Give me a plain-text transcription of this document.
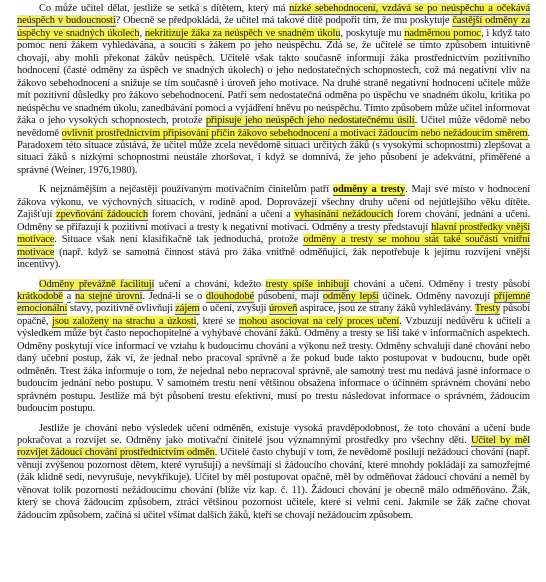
Co může učitel dělat, jestliže se setká s dítětem, který má nízké sebehodnocení, vzdává se po neúspěchu a očekává neúspěch v budoucnosti? Obecně se předpokládá, že učitel má takové dítě podpořit tím, že mu poskytuje častější odměny za úspěchy ve snadných úkolech, nekritizuje žáka za neúspěch ve snadném úkolu, poskytuje mu nadměrnou pomoc, i když tato pomoc není žákem vyhledávána, a soucítí s žákem po jeho neúspěchu. Zdá se, že učitelé se tímto způsobem intuitivně chovají, aby mohli překonat žákův neúspěch. Učitelé však takto současně informují žáka prostřednictvím pozitivního hodnocení (časté odměny za úspěch ve snadných úkolech) o jeho nedostatečných schopnostech, což má negativní vliv na žákovo sebehodnocení a snižuje se tím současně i úroveň jeho motivace. Na druhé straně negativní hodnocení učitele může mít pozitivní důsledky pro žákovo sebehodnocení. Patří sem nedostatečná odměna po úspěchu ve snadném úkolu, kritika po neúspěchu ve snadném úkolu, zanedbávání pomoci a vyjádření hněvu po neúspěchu. Tímto způsobem může učitel informovat žáka o jeho vysokých schopnostech, protože připisuje jeho neúspěch jeho nedostatečnému úsilí. Učitel může vědomě nebo nevědomě ovlivnit prostřednictvím připisování příčin žákovo sebehodnocení a motivaci žádoucím nebo nežádoucím směrem. Paradoxem této situace zůstává, že učitel může zcela nevědomě situaci určitých žáků (s vysokými schopnostmi) zlepšovat a situaci žáků s nízkými schopnostmi neustále zhoršovat, i když se domnívá, že jeho působení je adekvátní, přiměřené a správné (Weiner, 1976,1980).

K nejznámějším a nejčastěji používaným motivačním činitelům patří odměny a tresty. Mají své místo v hodnocení žákova výkonu, ve výchovných situacích, v rodině apod. Doprovázejí všechny druhy učení od nejútlejšího věku dítěte. Zajišťují zpevňování žádoucích forem chování, jednání a učení a vyhasínání nežádoucích forem chování, jednání a učení. Odměny se přiřazují k pozitivní motivaci a tresty k negativní motivaci. Odměny a tresty představují hlavní prostředky vnější motivace. Situace však není klasifikačně tak jednoduchá, protože odměny a tresty se mohou stát také součástí vnitřní motivace (např. když se samotná činnost stává pro žáka vnitřně odměňující, žák nepotřebuje k jejímu rozvíjení vnější incentivy).

Odměny převážně facilitují učení a chování, kdežto tresty spíše inhibují chování a učení. Odměny i tresty působí krátkodobě a na stejné úrovni. Jedná-li se o dlouhodobé působení, mají odměny lepší účinek. Odměny navozují příjemné emocionální stavy, pozitivně ovlivňují zájem o učení, zvyšují úroveň aspirace, jsou ze strany žáků vyhledávány. Tresty působí opačně, jsou založeny na strachu a úzkosti, které se mohou asociovat na celý proces učení. Vzbuzují nedůvěru k učiteli a výsledkem může být často nepochopitelné a vyhýbavé chování žáků. Odměny a tresty se liší také v informačních aspektech. Odměny poskytují více informací ve vztahu k budoucímu chování a výkonu než tresty. Odměny schvalují dané chování nebo daný učební postup, žák ví, že jednal nebo pracoval správně a že pokud bude takto postupovat v budoucnu, bude opět odměněn. Trest žáka informuje o tom, že nejednal nebo nepracoval správně, ale samotný trest mu nedává jasné informace o budoucím jednání nebo postupu. V samotném trestu není většinou obsažena informace o účinném správném chování nebo správném postupu. Jestliže má být působení trestu efektivní, musí po trestu následovat informace o správném, žádoucím budoucím postupu.

Jestliže je chování nebo výsledek učení odměněn, existuje vysoká pravděpodobnost, že toto chování a učení bude pokračovat a rozvíjet se. Odměny jako motivační činitelé jsou významnými prostředky pro všechny děti. Učitel by měl rozvíjet žádoucí chování prostřednictvím odměn. Učitelé často chybují v tom, že nevědomě posilují nežádoucí chování (např. věnují zvýšenou pozornost dětem, které vyrušují) a nevšímají si žádoucího chování, které mnohdy pokládají za samozřejmé (žák klidně sedí, nevyrušuje, nevykřikuje). Učitel by měl postupovat opačně, měl by odměňovat žádoucí chování a neměl by věnovat tolik pozornosti nežádoucímu chování (blíže viz kap. č. 11). Žádoucí chování je obecně málo odměňováno. Žák, který se chová žádoucím způsobem, ztrácí většinou pozornost učitele, které si velmi cení. Jakmile se žák začne chovat žádoucím způsobem, začíná si učitel všímat dalších žáků, kteří se chovají nežádoucím způsobem.
